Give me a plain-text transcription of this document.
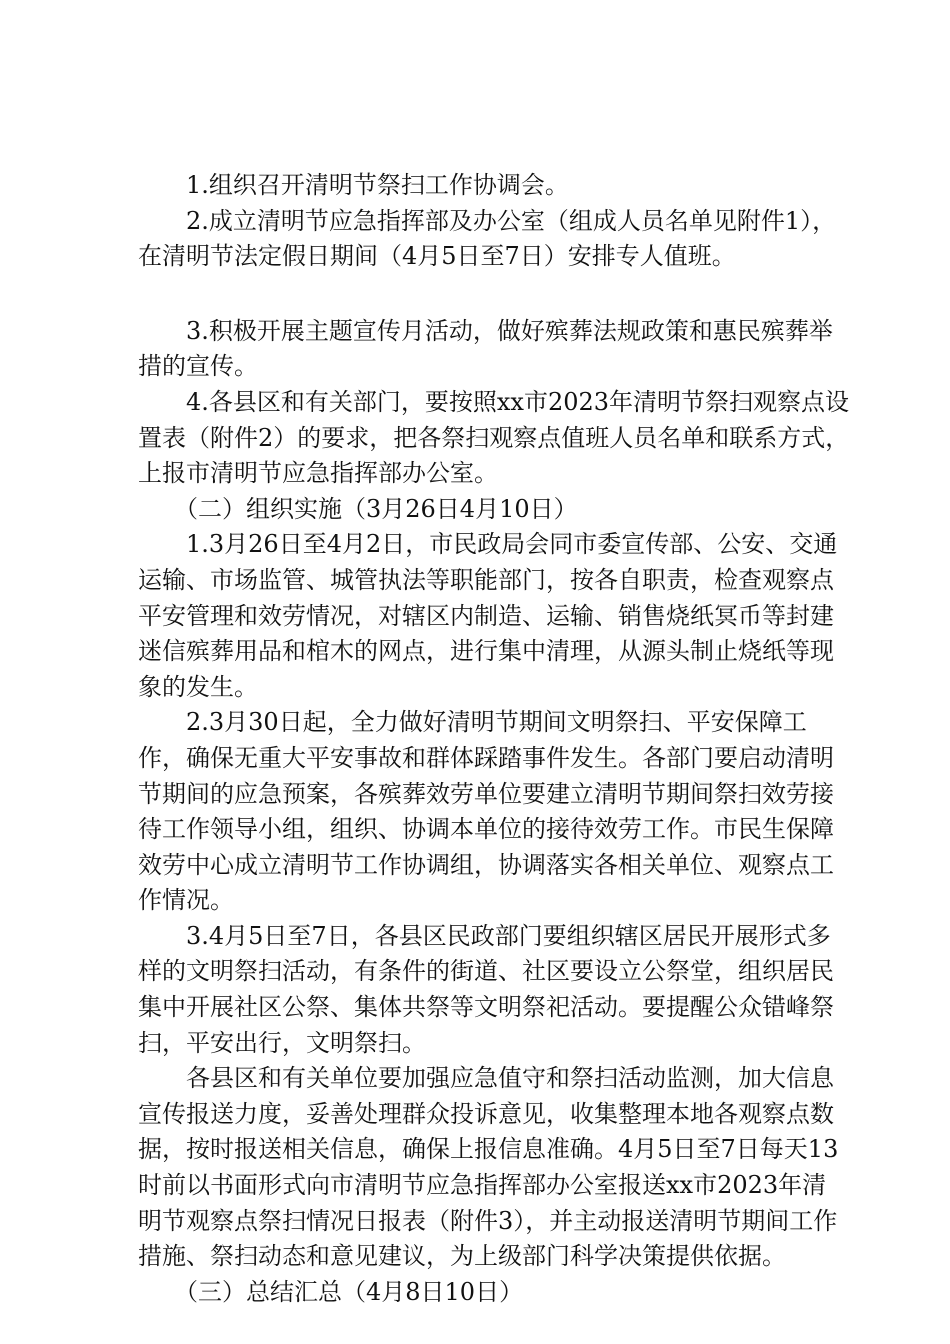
1.组织召开清明节祭扫工作协调会。

2.成立清明节应急指挥部及办公室（组成人员名单见附件1），在清明节法定假日期间（4月5日至7日）安排专人值班。

3.积极开展主题宣传月活动，做好殡葬法规政策和惠民殡葬举措的宣传。

4.各县区和有关部门，要按照xx市2023年清明节祭扫观察点设置表（附件2）的要求，把各祭扫观察点值班人员名单和联系方式，上报市清明节应急指挥部办公室。

（二）组织实施（3月26日4月10日）

1.3月26日至4月2日，市民政局会同市委宣传部、公安、交通运输、市场监管、城管执法等职能部门，按各自职责，检查观察点平安管理和效劳情况，对辖区内制造、运输、销售烧纸冥币等封建迷信殡葬用品和棺木的网点，进行集中清理，从源头制止烧纸等现象的发生。

2.3月30日起，全力做好清明节期间文明祭扫、平安保障工作，确保无重大平安事故和群体踩踏事件发生。各部门要启动清明节期间的应急预案，各殡葬效劳单位要建立清明节期间祭扫效劳接待工作领导小组，组织、协调本单位的接待效劳工作。市民生保障效劳中心成立清明节工作协调组，协调落实各相关单位、观察点工作情况。

3.4月5日至7日，各县区民政部门要组织辖区居民开展形式多样的文明祭扫活动，有条件的街道、社区要设立公祭堂，组织居民集中开展社区公祭、集体共祭等文明祭祀活动。要提醒公众错峰祭扫，平安出行，文明祭扫。

各县区和有关单位要加强应急值守和祭扫活动监测，加大信息宣传报送力度，妥善处理群众投诉意见，收集整理本地各观察点数据，按时报送相关信息，确保上报信息准确。4月5日至7日每天13时前以书面形式向市清明节应急指挥部办公室报送xx市2023年清明节观察点祭扫情况日报表（附件3），并主动报送清明节期间工作措施、祭扫动态和意见建议，为上级部门科学决策提供依据。

（三）总结汇总（4月8日10日）
